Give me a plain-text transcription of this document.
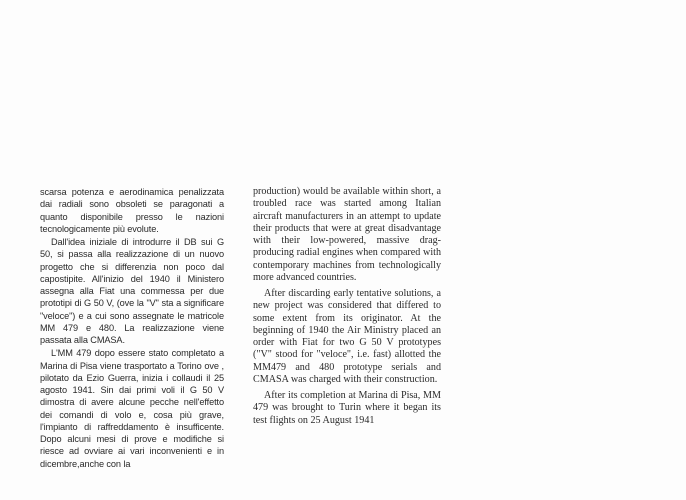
scarsa potenza e aerodinamica penalizzata dai radiali sono obsoleti se paragonati a quanto disponibile presso le nazioni tecnologicamente più evolute.

Dall'idea iniziale di introdurre il DB sui G 50, si passa alla realizzazione di un nuovo progetto che si differenzia non poco dal capostipite. All'inizio del 1940 il Ministero assegna alla Fiat una commessa per due prototipi di G 50 V, (ove la "V" sta a significare "veloce") e a cui sono assegnate le matricole MM 479 e 480. La realizzazione viene passata alla CMASA.

L'MM 479 dopo essere stato completato a Marina di Pisa viene trasportato a Torino ove , pilotato da Ezio Guerra, inizia i collaudi il 25 agosto 1941. Sin dai primi voli il G 50 V dimostra di avere alcune pecche nell'effetto dei comandi di volo e, cosa più grave, l'impianto di raffreddamento è insufficente. Dopo alcuni mesi di prove e modifiche si riesce ad ovviare ai vari inconvenienti e in dicembre,anche con la

production) would be available within short, a troubled race was started among Italian aircraft manufacturers in an attempt to update their products that were at great disadvantage with their low-powered, massive drag-producing radial engines when compared with contemporary machines from technologically more advanced countries.

After discarding early tentative solutions, a new project was considered that differed to some extent from its originator. At the beginning of 1940 the Air Ministry placed an order with Fiat for two G 50 V prototypes ("V" stood for "veloce", i.e. fast) allotted the MM479 and 480 prototype serials and CMASA was charged with their construction.

After its completion at Marina di Pisa, MM 479 was brought to Turin where it began its test flights on 25 August 1941
